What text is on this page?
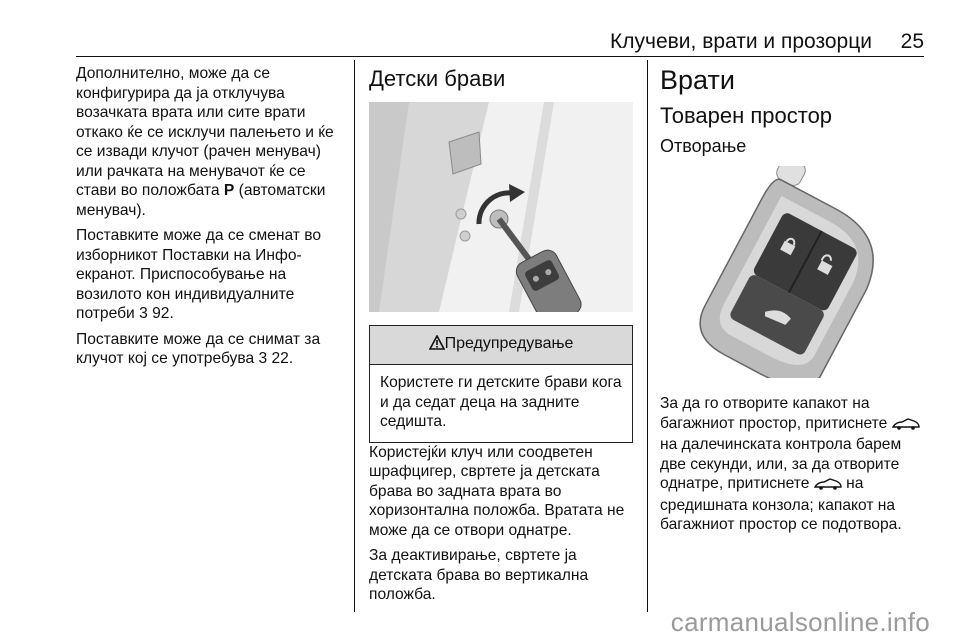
Клучеви, врати и прозорци 25

Дополнително, може да се конфигурира да ја отклучува возачката врата или сите врати откако ќе се исклучи палењето и ќе се извади клучот (рачен менувач) или рачката на менувачот ќе се стави во положбата P (автоматски менувач).

Поставките може да се сменат во изборникот Поставки на Инфо-екранот. Приспособување на возилото кон индивидуалните потреби 3 92.

Поставките може да се снимат за клучот кој се употребува 3 22.

Детски брави
Предупредување
Користете ги детските брави кога и да седат деца на задните седишта.

Користејќи клуч или соодветен шрафцигер, свртете ја детската брава во задната врата во хоризонтална положба. Вратата не може да се отвори однатре.

За деактивирање, свртете ја детската брава во вертикална положба.

Врати
Товарен простор
Отворање

За да го отворите капакот на багажниот простор, притиснете  на далечинската контрола барем две секунди, или, за да отворите однатре, притиснете  на средишната конзола; капакот на багажниот простор се подотвора.

carmanualsonline.info
